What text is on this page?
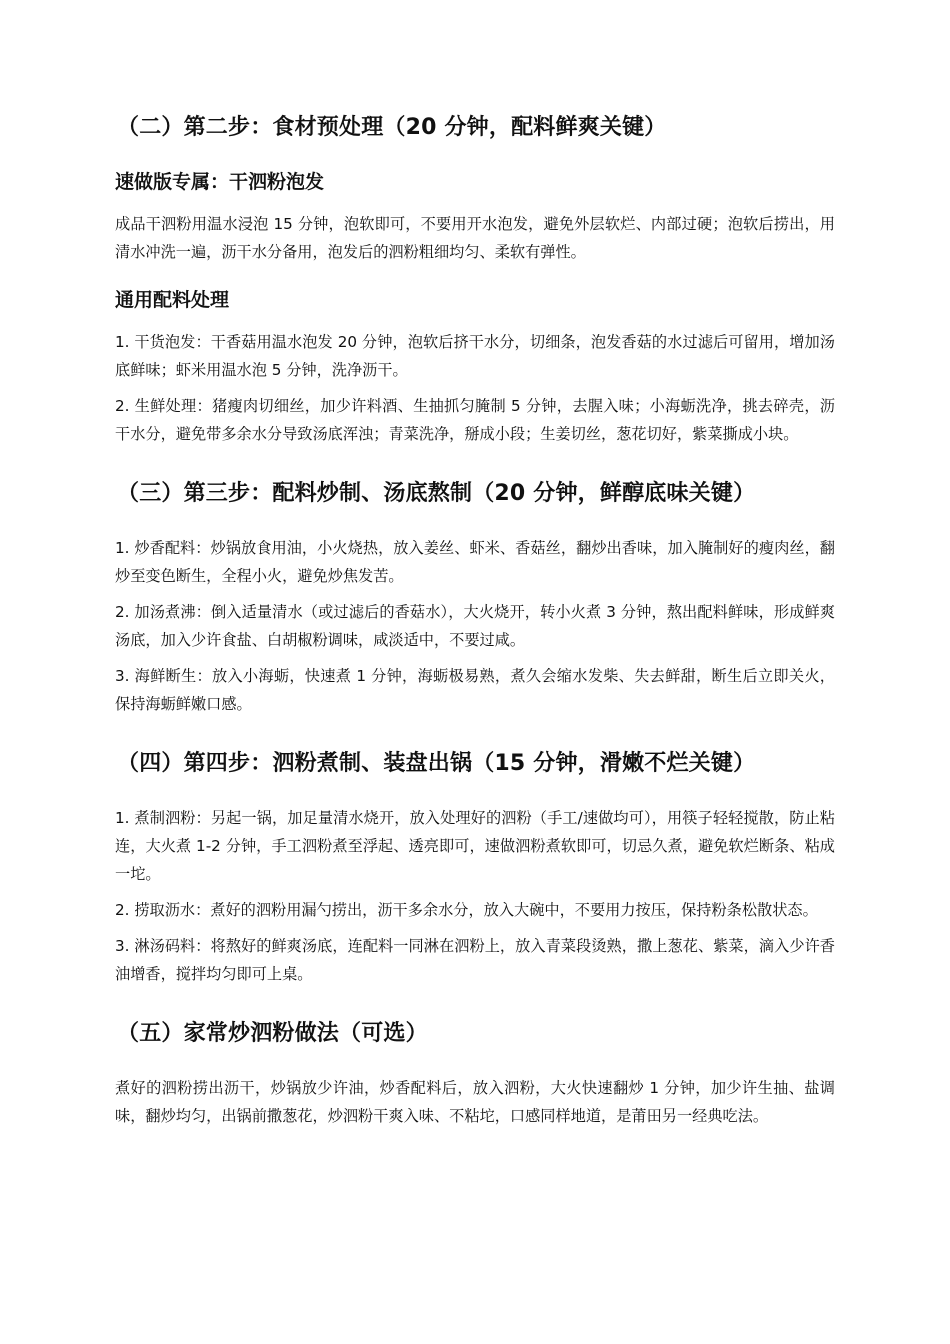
（二）第二步：食材预处理（20 分钟，配料鲜爽关键）
速做版专属：干泗粉泡发
成品干泗粉用温水浸泡 15 分钟，泡软即可，不要用开水泡发，避免外层软烂、内部过硬；泡软后捞出，用清水冲洗一遍，沥干水分备用，泡发后的泗粉粗细均匀、柔软有弹性。
通用配料处理
1. 干货泡发：干香菇用温水泡发 20 分钟，泡软后挤干水分，切细条，泡发香菇的水过滤后可留用，增加汤底鲜味；虾米用温水泡 5 分钟，洗净沥干。
2. 生鲜处理：猪瘦肉切细丝，加少许料酒、生抽抓匀腌制 5 分钟，去腥入味；小海蛎洗净，挑去碎壳，沥干水分，避免带多余水分导致汤底浑浊；青菜洗净，掰成小段；生姜切丝，葱花切好，紫菜撕成小块。
（三）第三步：配料炒制、汤底熬制（20 分钟，鲜醇底味关键）
1. 炒香配料：炒锅放食用油，小火烧热，放入姜丝、虾米、香菇丝，翻炒出香味，加入腌制好的瘦肉丝，翻炒至变色断生，全程小火，避免炒焦发苦。
2. 加汤煮沸：倒入适量清水（或过滤后的香菇水），大火烧开，转小火煮 3 分钟，熬出配料鲜味，形成鲜爽汤底，加入少许食盐、白胡椒粉调味，咸淡适中，不要过咸。
3. 海鲜断生：放入小海蛎，快速煮 1 分钟，海蛎极易熟，煮久会缩水发柴、失去鲜甜，断生后立即关火，保持海蛎鲜嫩口感。
（四）第四步：泗粉煮制、装盘出锅（15 分钟，滑嫩不烂关键）
1. 煮制泗粉：另起一锅，加足量清水烧开，放入处理好的泗粉（手工/速做均可），用筷子轻轻搅散，防止粘连，大火煮 1-2 分钟，手工泗粉煮至浮起、透亮即可，速做泗粉煮软即可，切忌久煮，避免软烂断条、粘成一坨。
2. 捞取沥水：煮好的泗粉用漏勺捞出，沥干多余水分，放入大碗中，不要用力按压，保持粉条松散状态。
3. 淋汤码料：将熬好的鲜爽汤底，连配料一同淋在泗粉上，放入青菜段烫熟，撒上葱花、紫菜，滴入少许香油增香，搅拌均匀即可上桌。
（五）家常炒泗粉做法（可选）
煮好的泗粉捞出沥干，炒锅放少许油，炒香配料后，放入泗粉，大火快速翻炒 1 分钟，加少许生抽、盐调味，翻炒均匀，出锅前撒葱花，炒泗粉干爽入味、不粘坨，口感同样地道，是莆田另一经典吃法。
